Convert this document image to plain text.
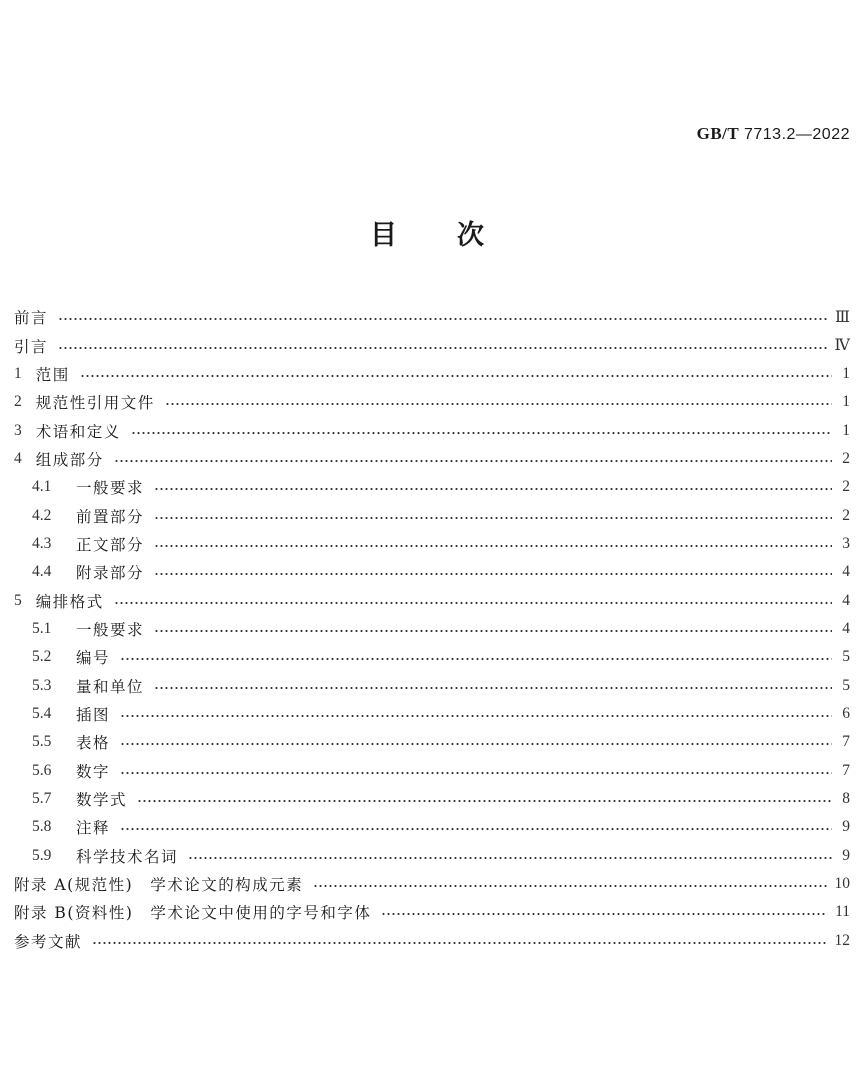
GB/T 7713.2—2022
目 次
前言	Ⅲ
引言	Ⅳ
1 范围	1
2 规范性引用文件	1
3 术语和定义	1
4 组成部分	2
4.1	一般要求	2
4.2	前置部分	2
4.3	正文部分	3
4.4	附录部分	4
5 编排格式	4
5.1	一般要求	4
5.2	编号	5
5.3	量和单位	5
5.4	插图	6
5.5	表格	7
5.6	数字	7
5.7	数学式	8
5.8	注释	9
5.9	科学技术名词	9
附录 A(规范性)　学术论文的构成元素	10
附录 B(资料性)　学术论文中使用的字号和字体	11
参考文献	12
